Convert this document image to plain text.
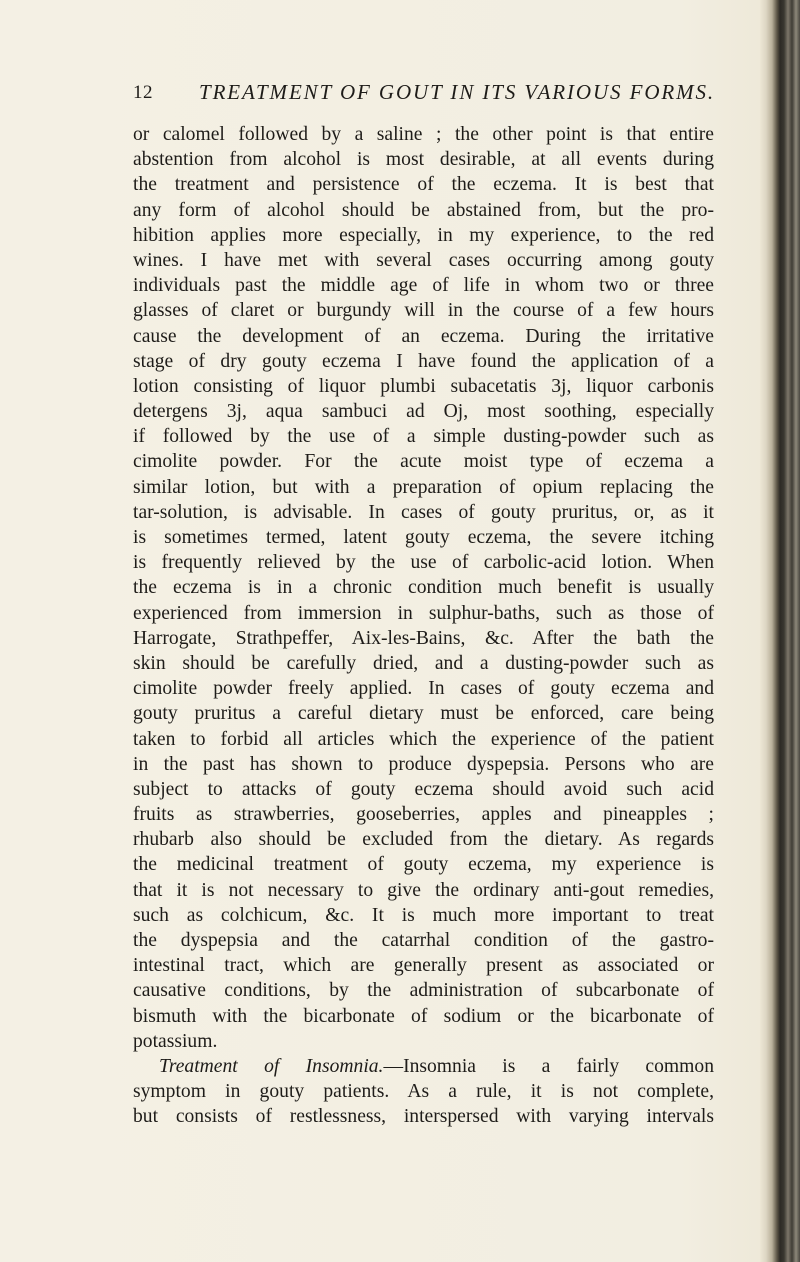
12 TREATMENT OF GOUT IN ITS VARIOUS FORMS.
or calomel followed by a saline ; the other point is that entire
abstention from alcohol is most desirable, at all events during
the treatment and persistence of the eczema. It is best that
any form of alcohol should be abstained from, but the pro-
hibition applies more especially, in my experience, to the red
wines. I have met with several cases occurring among gouty
individuals past the middle age of life in whom two or three
glasses of claret or burgundy will in the course of a few hours
cause the development of an eczema. During the irritative
stage of dry gouty eczema I have found the application of a
lotion consisting of liquor plumbi subacetatis 3j, liquor carbonis
detergens 3j, aqua sambuci ad Oj, most soothing, especially
if followed by the use of a simple dusting-powder such as
cimolite powder. For the acute moist type of eczema a
similar lotion, but with a preparation of opium replacing the
tar-solution, is advisable. In cases of gouty pruritus, or, as it
is sometimes termed, latent gouty eczema, the severe itching
is frequently relieved by the use of carbolic-acid lotion. When
the eczema is in a chronic condition much benefit is usually
experienced from immersion in sulphur-baths, such as those of
Harrogate, Strathpeffer, Aix-les-Bains, &c. After the bath the
skin should be carefully dried, and a dusting-powder such as
cimolite powder freely applied. In cases of gouty eczema and
gouty pruritus a careful dietary must be enforced, care being
taken to forbid all articles which the experience of the patient
in the past has shown to produce dyspepsia. Persons who are
subject to attacks of gouty eczema should avoid such acid
fruits as strawberries, gooseberries, apples and pineapples ;
rhubarb also should be excluded from the dietary. As regards
the medicinal treatment of gouty eczema, my experience is
that it is not necessary to give the ordinary anti-gout remedies,
such as colchicum, &c. It is much more important to treat
the dyspepsia and the catarrhal condition of the gastro-
intestinal tract, which are generally present as associated or
causative conditions, by the administration of subcarbonate of
bismuth with the bicarbonate of sodium or the bicarbonate of
potassium.
Treatment of Insomnia.—Insomnia is a fairly common
symptom in gouty patients. As a rule, it is not complete,
but consists of restlessness, interspersed with varying intervals
